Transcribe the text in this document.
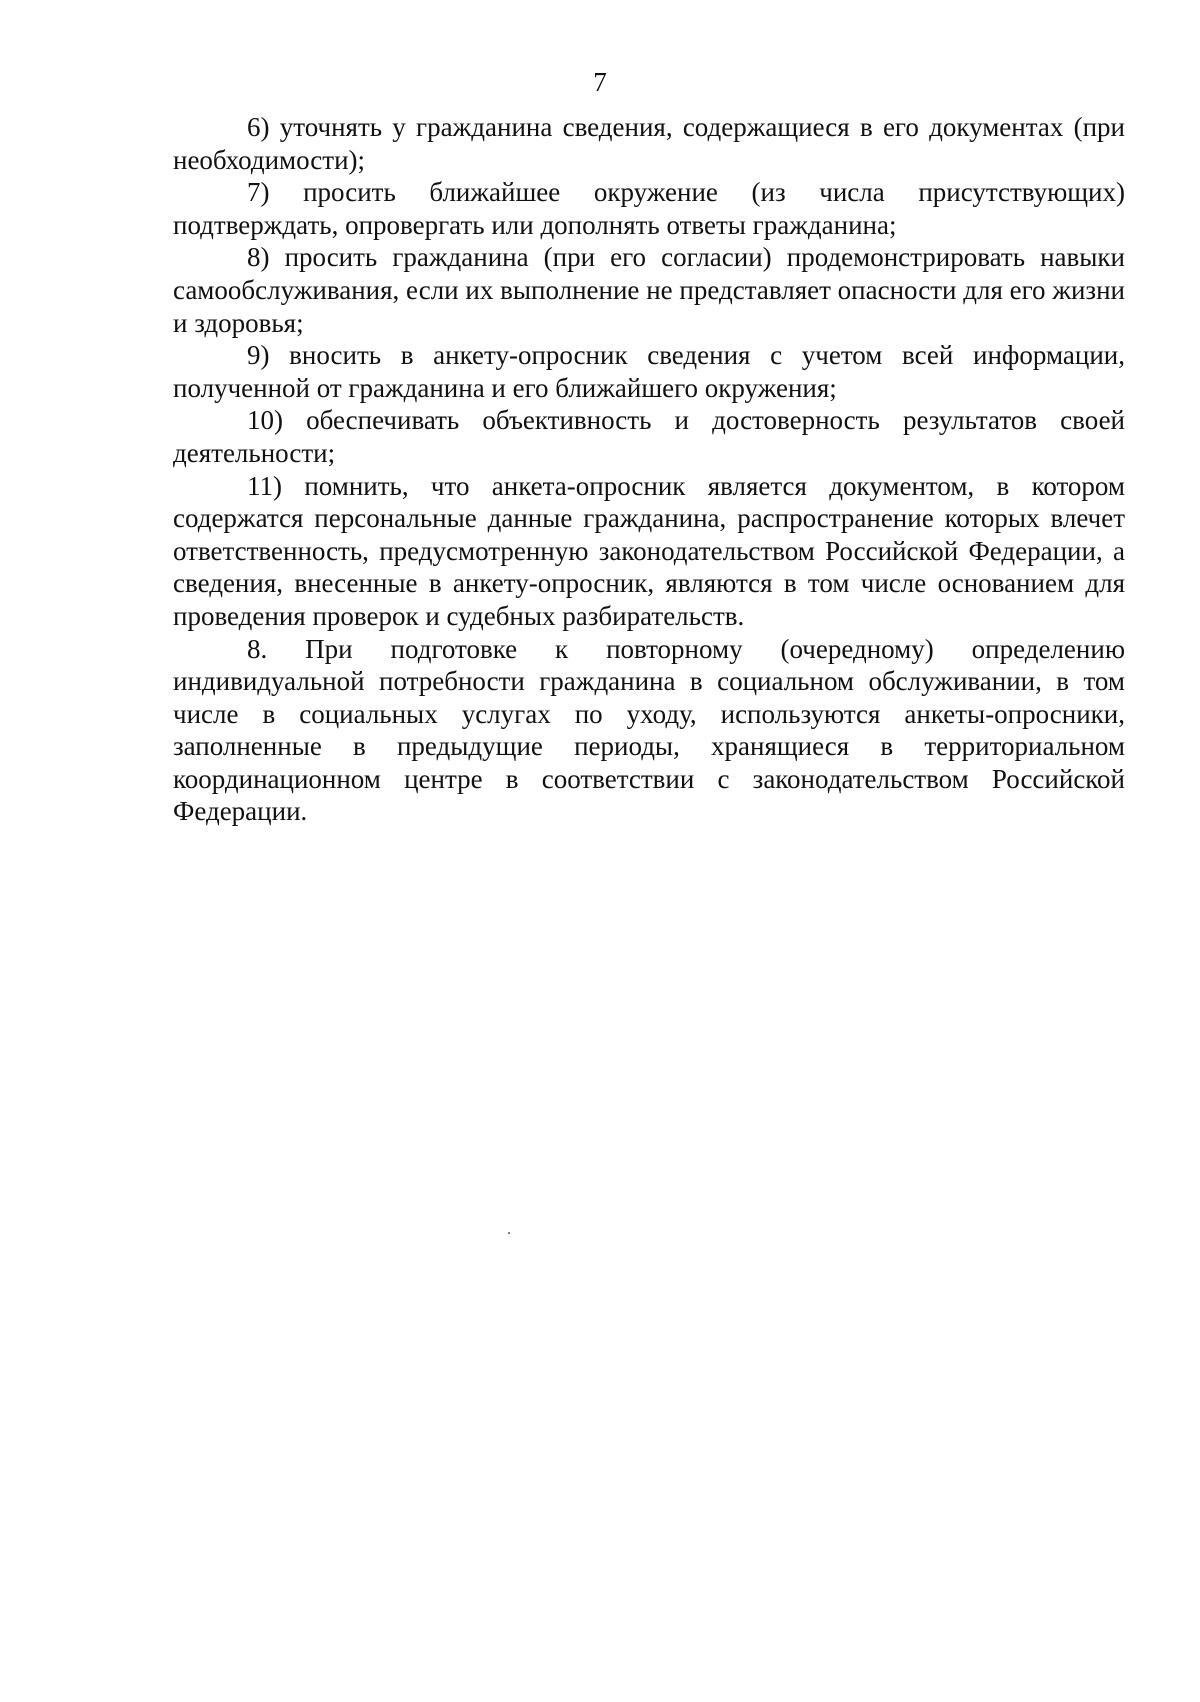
7

6) уточнять у гражданина сведения, содержащиеся в его документах (при необходимости);

7) просить ближайшее окружение (из числа присутствующих) подтверждать, опровергать или дополнять ответы гражданина;

8) просить гражданина (при его согласии) продемонстрировать навыки самообслуживания, если их выполнение не представляет опасности для его жизни и здоровья;

9) вносить в анкету-опросник сведения с учетом всей информации, полученной от гражданина и его ближайшего окружения;

10) обеспечивать объективность и достоверность результатов своей деятельности;

11) помнить, что анкета-опросник является документом, в котором содержатся персональные данные гражданина, распространение которых влечет ответственность, предусмотренную законодательством Российской Федерации, а сведения, внесенные в анкету-опросник, являются в том числе основанием для проведения проверок и судебных разбирательств.

8. При подготовке к повторному (очередному) определению индивидуальной потребности гражданина в социальном обслуживании, в том числе в социальных услугах по уходу, используются анкеты-опросники, заполненные в предыдущие периоды, хранящиеся в территориальном координационном центре в соответствии с законодательством Российской Федерации.
